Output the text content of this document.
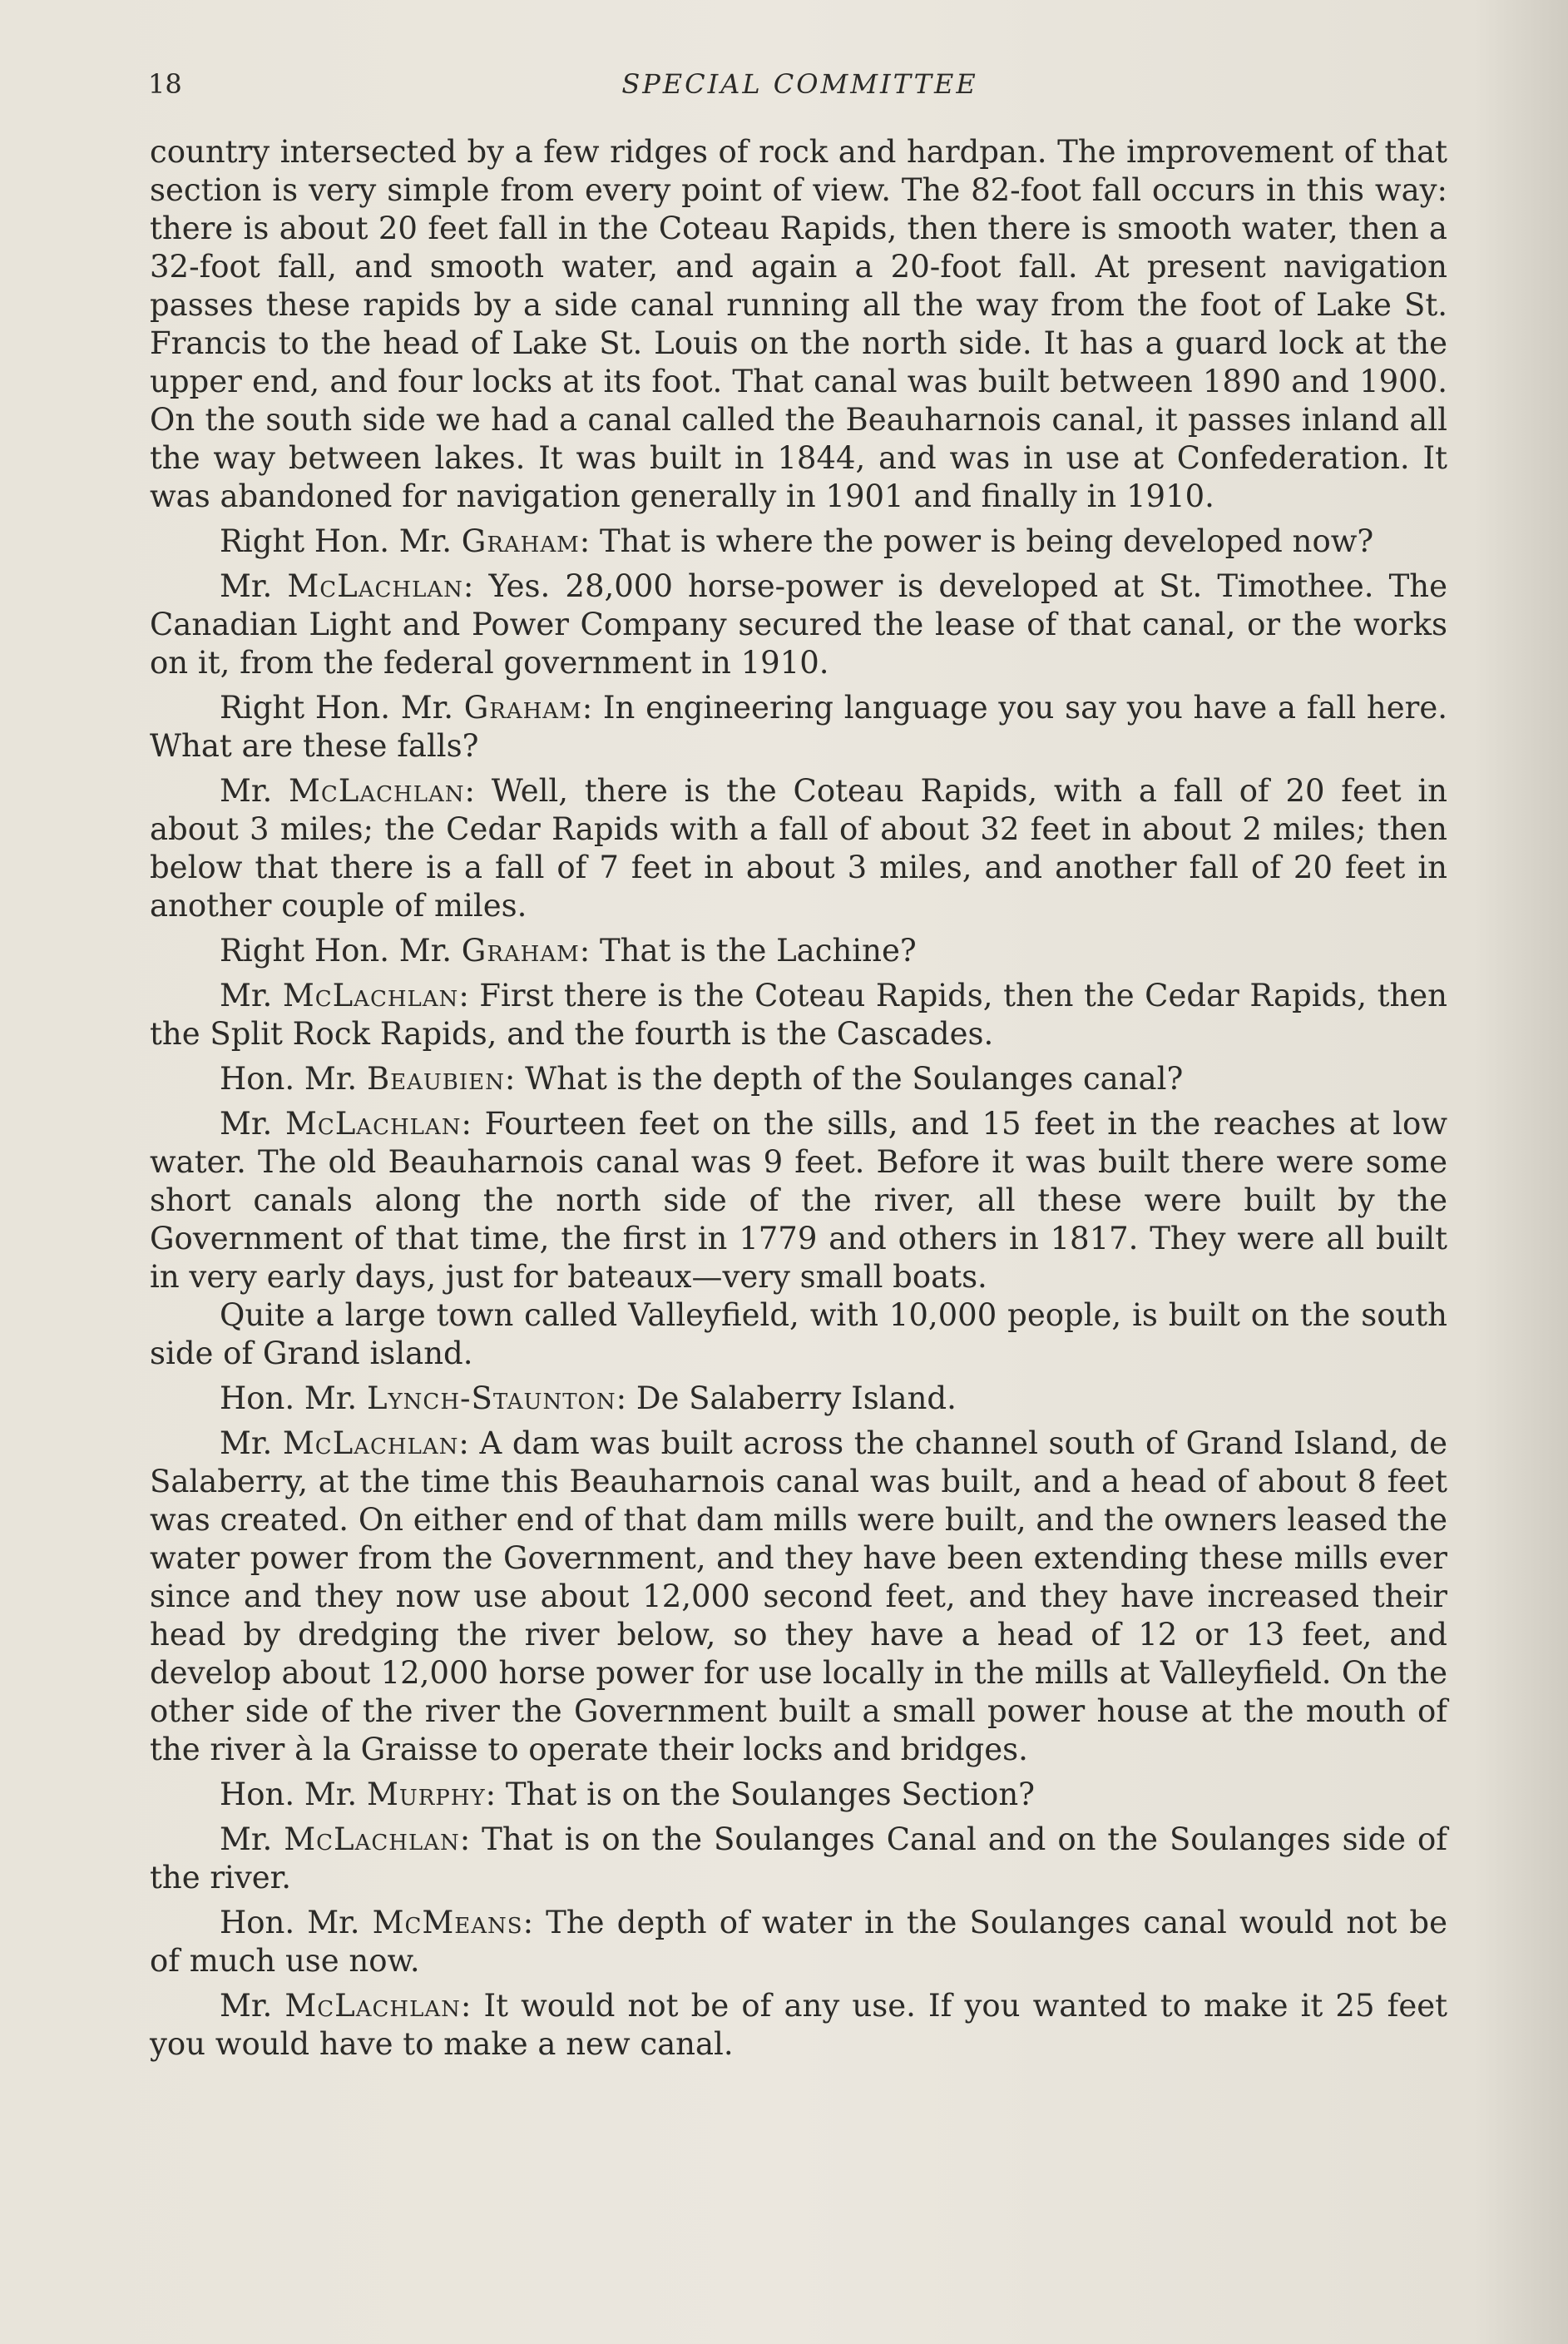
18	SPECIAL COMMITTEE

country intersected by a few ridges of rock and hardpan. The improvement of that section is very simple from every point of view. The 82-foot fall occurs in this way: there is about 20 feet fall in the Coteau Rapids, then there is smooth water, then a 32-foot fall, and smooth water, and again a 20-foot fall. At present navigation passes these rapids by a side canal running all the way from the foot of Lake St. Francis to the head of Lake St. Louis on the north side. It has a guard lock at the upper end, and four locks at its foot. That canal was built between 1890 and 1900. On the south side we had a canal called the Beauharnois canal, it passes inland all the way between lakes. It was built in 1844, and was in use at Confederation. It was abandoned for navigation generally in 1901 and finally in 1910.

Right Hon. Mr. Graham: That is where the power is being developed now?

Mr. McLachlan: Yes. 28,000 horse-power is developed at St. Timothee. The Canadian Light and Power Company secured the lease of that canal, or the works on it, from the federal government in 1910.

Right Hon. Mr. Graham: In engineering language you say you have a fall here. What are these falls?

Mr. McLachlan: Well, there is the Coteau Rapids, with a fall of 20 feet in about 3 miles; the Cedar Rapids with a fall of about 32 feet in about 2 miles; then below that there is a fall of 7 feet in about 3 miles, and another fall of 20 feet in another couple of miles.

Right Hon. Mr. Graham: That is the Lachine?

Mr. McLachlan: First there is the Coteau Rapids, then the Cedar Rapids, then the Split Rock Rapids, and the fourth is the Cascades.

Hon. Mr. Beaubien: What is the depth of the Soulanges canal?

Mr. McLachlan: Fourteen feet on the sills, and 15 feet in the reaches at low water. The old Beauharnois canal was 9 feet. Before it was built there were some short canals along the north side of the river, all these were built by the Government of that time, the first in 1779 and others in 1817. They were all built in very early days, just for bateaux—very small boats.

Quite a large town called Valleyfield, with 10,000 people, is built on the south side of Grand island.

Hon. Mr. Lynch-Staunton: De Salaberry Island.

Mr. McLachlan: A dam was built across the channel south of Grand Island, de Salaberry, at the time this Beauharnois canal was built, and a head of about 8 feet was created. On either end of that dam mills were built, and the owners leased the water power from the Government, and they have been extending these mills ever since and they now use about 12,000 second feet, and they have increased their head by dredging the river below, so they have a head of 12 or 13 feet, and develop about 12,000 horse power for use locally in the mills at Valleyfield. On the other side of the river the Government built a small power house at the mouth of the river à la Graisse to operate their locks and bridges.

Hon. Mr. Murphy: That is on the Soulanges Section?

Mr. McLachlan: That is on the Soulanges Canal and on the Soulanges side of the river.

Hon. Mr. McMeans: The depth of water in the Soulanges canal would not be of much use now.

Mr. McLachlan: It would not be of any use. If you wanted to make it 25 feet you would have to make a new canal.
